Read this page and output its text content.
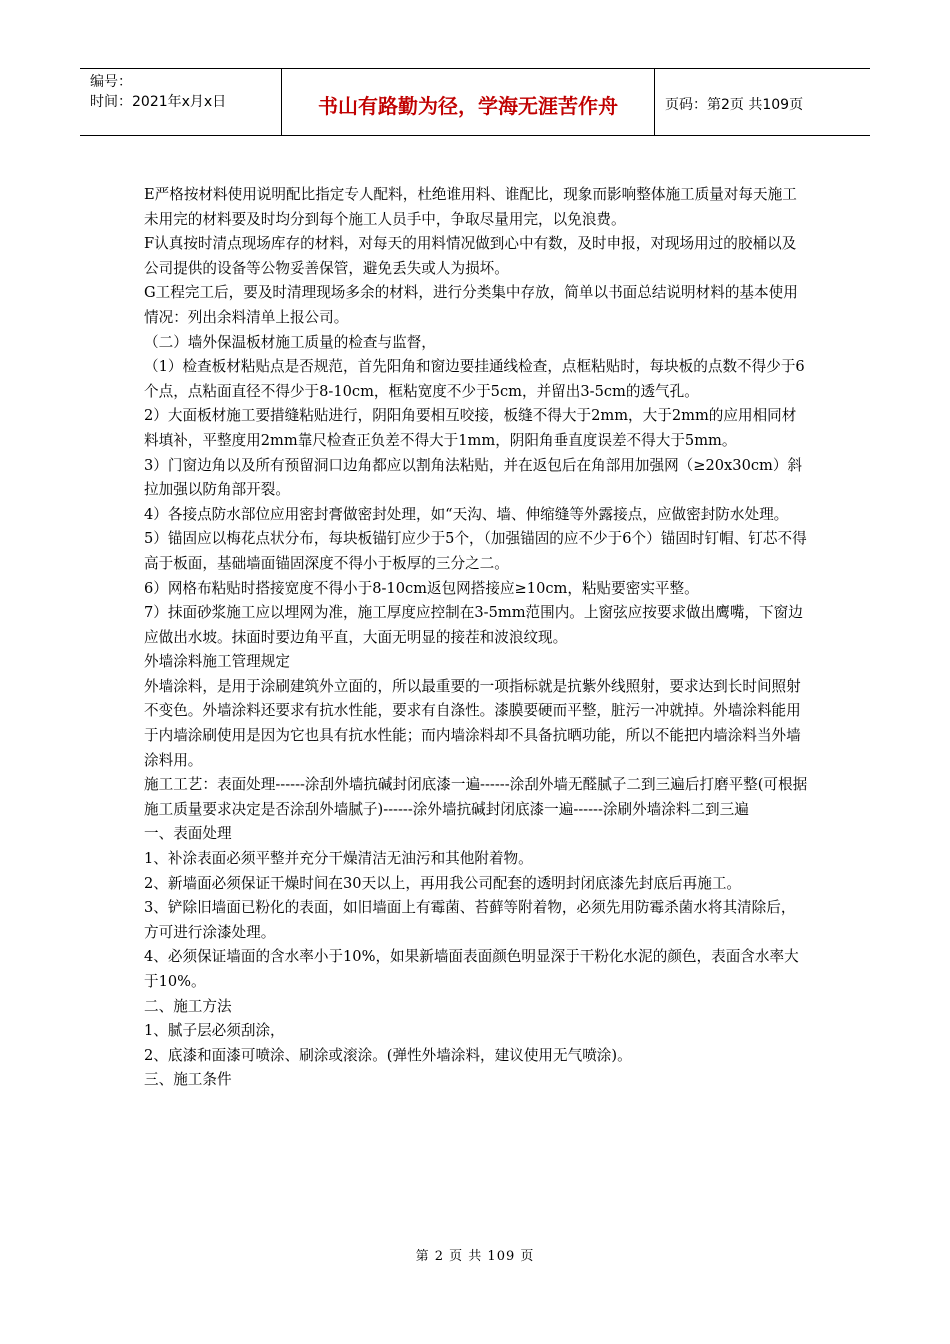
编号：
时间：2021年x月x日	书山有路勤为径，学海无涯苦作舟	页码：第2页 共109页

E严格按材料使用说明配比指定专人配料，杜绝谁用料、谁配比，现象而影响整体施工质量对每天施工未用完的材料要及时均分到每个施工人员手中，争取尽量用完，以免浪费。

F认真按时清点现场库存的材料，对每天的用料情况做到心中有数，及时申报，对现场用过的胶桶以及公司提供的设备等公物妥善保管，避免丢失或人为损坏。

G工程完工后，要及时清理现场多余的材料，进行分类集中存放，简单以书面总结说明材料的基本使用情况：列出余料清单上报公司。

（二）墙外保温板材施工质量的检查与监督，

（1）检查板材粘贴点是否规范，首先阳角和窗边要挂通线检查，点框粘贴时，每块板的点数不得少于6个点，点粘面直径不得少于8-10cm，框粘宽度不少于5cm，并留出3-5cm的透气孔。

2）大面板材施工要措缝粘贴进行，阴阳角要相互咬接，板缝不得大于2mm，大于2mm的应用相同材料填补，平整度用2mm靠尺检查正负差不得大于1mm，阴阳角垂直度误差不得大于5mm。

3）门窗边角以及所有预留洞口边角都应以割角法粘贴，并在返包后在角部用加强网（≥20x30cm）斜拉加强以防角部开裂。

4）各接点防水部位应用密封膏做密封处理，如“天沟、墙、伸缩缝等外露接点，应做密封防水处理。

5）锚固应以梅花点状分布，每块板锚钉应少于5个，（加强锚固的应不少于6个）锚固时钉帽、钉芯不得高于板面，基础墙面锚固深度不得小于板厚的三分之二。

6）网格布粘贴时搭接宽度不得小于8-10cm返包网搭接应≥10cm，粘贴要密实平整。

7）抹面砂浆施工应以埋网为准，施工厚度应控制在3-5mm范围内。上窗弦应按要求做出鹰嘴，下窗边应做出水坡。抹面时要边角平直，大面无明显的接茬和波浪纹现。

外墙涂料施工管理规定

外墙涂料，是用于涂刷建筑外立面的，所以最重要的一项指标就是抗紫外线照射，要求达到长时间照射不变色。外墙涂料还要求有抗水性能，要求有自涤性。漆膜要硬而平整，脏污一冲就掉。外墙涂料能用于内墙涂刷使用是因为它也具有抗水性能；而内墙涂料却不具备抗晒功能，所以不能把内墙涂料当外墙涂料用。

施工工艺：表面处理------涂刮外墙抗碱封闭底漆一遍------涂刮外墙无醛腻子二到三遍后打磨平整(可根据施工质量要求决定是否涂刮外墙腻子)------涂外墙抗碱封闭底漆一遍------涂刷外墙涂料二到三遍

一、表面处理

1、补涂表面必须平整并充分干燥清洁无油污和其他附着物。

2、新墙面必须保证干燥时间在30天以上，再用我公司配套的透明封闭底漆先封底后再施工。

3、铲除旧墙面已粉化的表面，如旧墙面上有霉菌、苔藓等附着物，必须先用防霉杀菌水将其清除后，方可进行涂漆处理。

4、必须保证墙面的含水率小于10%，如果新墙面表面颜色明显深于干粉化水泥的颜色，表面含水率大于10%。

二、施工方法

1、腻子层必须刮涂，

2、底漆和面漆可喷涂、刷涂或滚涂。(弹性外墙涂料，建议使用无气喷涂)。

三、施工条件

第 2 页 共 109 页
